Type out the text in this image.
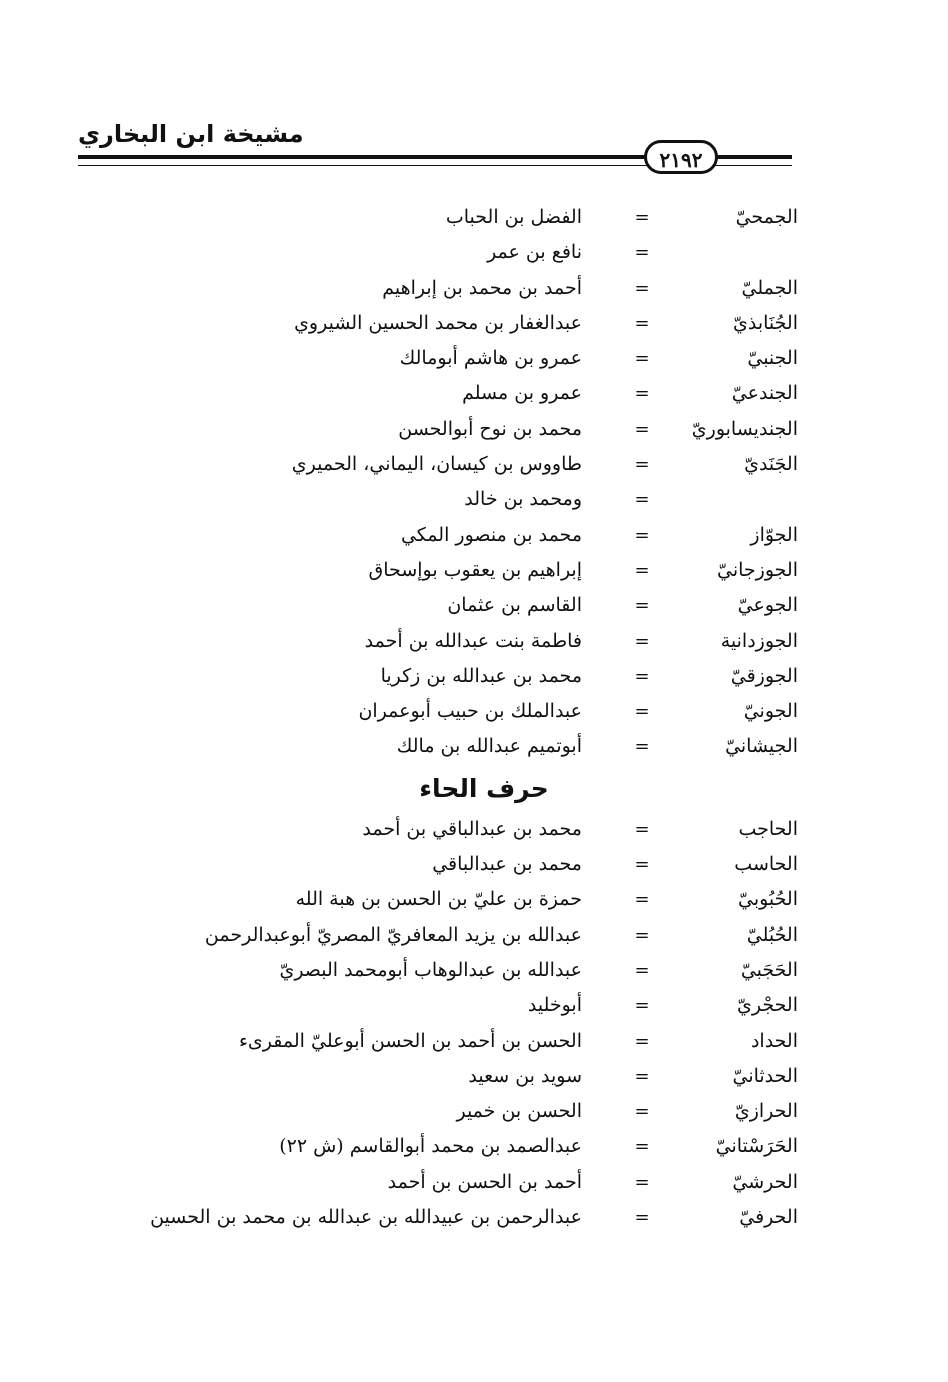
مشيخة ابن البخاري
٢١٩٢
الجمحيّ
=
الفضل بن الحباب
=
نافع بن عمر
الجمليّ
=
أحمد بن محمد بن إبراهيم
الجُنَابذيّ
=
عبدالغفار بن محمد الحسين الشيروي
الجنبيّ
=
عمرو بن هاشم أبومالك
الجندعيّ
=
عمرو بن مسلم
الجنديسابوريّ
=
محمد بن نوح أبوالحسن
الجَنَديّ
=
طاووس بن كيسان، اليماني، الحميري
=
ومحمد بن خالد
الجوّاز
=
محمد بن منصور المكي
الجوزجانيّ
=
إبراهيم بن يعقوب بوإسحاق
الجوعيّ
=
القاسم بن عثمان
الجوزدانية
=
فاطمة بنت عبدالله بن أحمد
الجوزقيّ
=
محمد بن عبدالله بن زكريا
الجونيّ
=
عبدالملك بن حبيب أبوعمران
الجيشانيّ
=
أبوتميم عبدالله بن مالك
حرف الحاء
الحاجب
=
محمد بن عبدالباقي بن أحمد
الحاسب
=
محمد بن عبدالباقي
الحُبُوبيّ
=
حمزة بن عليّ بن الحسن بن هبة الله
الحُبُليّ
=
عبدالله بن يزيد المعافريّ المصريّ أبوعبدالرحمن
الحَجَبيّ
=
عبدالله بن عبدالوهاب أبومحمد البصريّ
الحجْريّ
=
أبوخليد
الحداد
=
الحسن بن أحمد بن الحسن أبوعليّ المقرىء
الحدثانيّ
=
سويد بن سعيد
الحرازيّ
=
الحسن بن خمير
الحَرَسْتانيّ
=
عبدالصمد بن محمد أبوالقاسم (ش ٢٢)
الحرشيّ
=
أحمد بن الحسن بن أحمد
الحرفيّ
=
عبدالرحمن بن عبيدالله بن عبدالله بن محمد بن الحسين
